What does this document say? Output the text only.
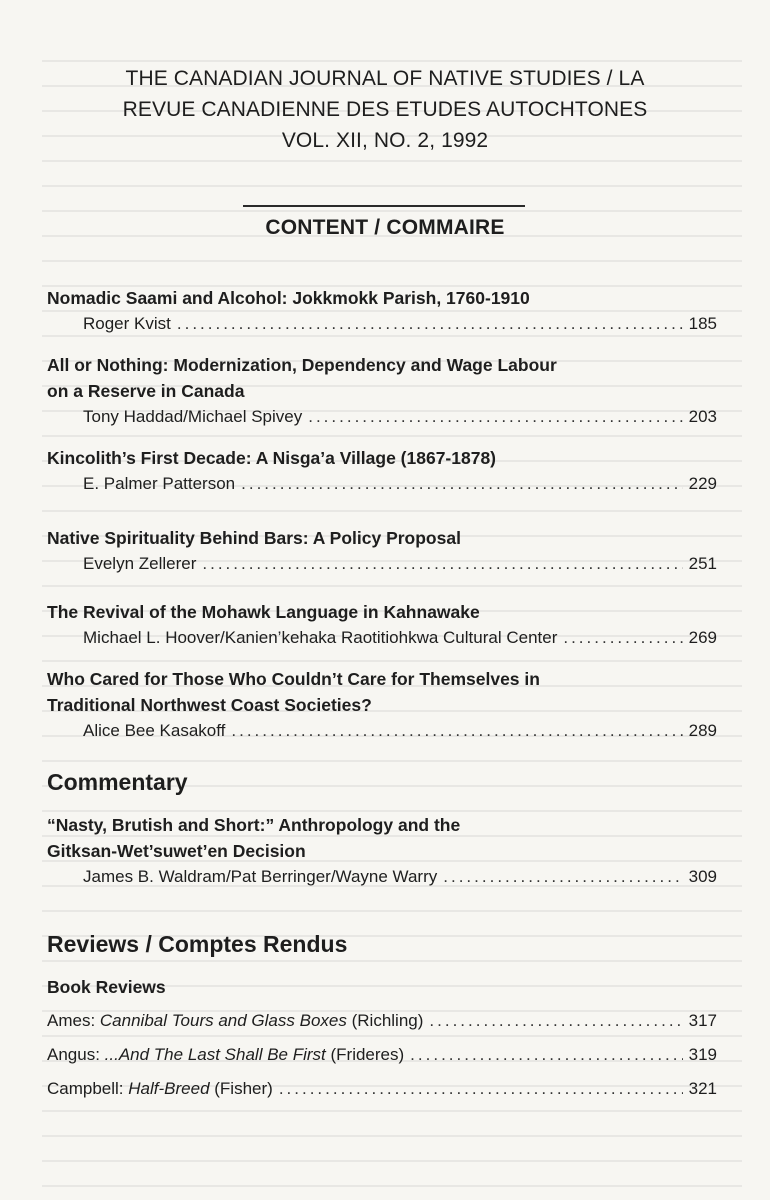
THE CANADIAN JOURNAL OF NATIVE STUDIES / LA
REVUE CANADIENNE DES ETUDES AUTOCHTONES
VOL. XII, NO. 2, 1992
CONTENT / COMMAIRE
Nomadic Saami and Alcohol: Jokkmokk Parish, 1760-1910
Roger Kvist .....	185
All or Nothing: Modernization, Dependency and Wage Labour
on a Reserve in Canada
Tony Haddad/Michael Spivey .....	203
Kincolith’s First Decade: A Nisga’a Village (1867-1878)
E. Palmer Patterson .....	229
Native Spirituality Behind Bars: A Policy Proposal
Evelyn Zellerer .....	251
The Revival of the Mohawk Language in Kahnawake
Michael L. Hoover/Kanien’kehaka Raotitiohkwa Cultural Center .....	269
Who Cared for Those Who Couldn’t Care for Themselves in
Traditional Northwest Coast Societies?
Alice Bee Kasakoff .....	289
Commentary
“Nasty, Brutish and Short:” Anthropology and the
Gitksan-Wet’suwet’en Decision
James B. Waldram/Pat Berringer/Wayne Warry .....	309
Reviews / Comptes Rendus
Book Reviews
Ames: Cannibal Tours and Glass Boxes (Richling) .....	317
Angus: ...And The Last Shall Be First (Frideres) .....	319
Campbell: Half-Breed (Fisher) .....	321
